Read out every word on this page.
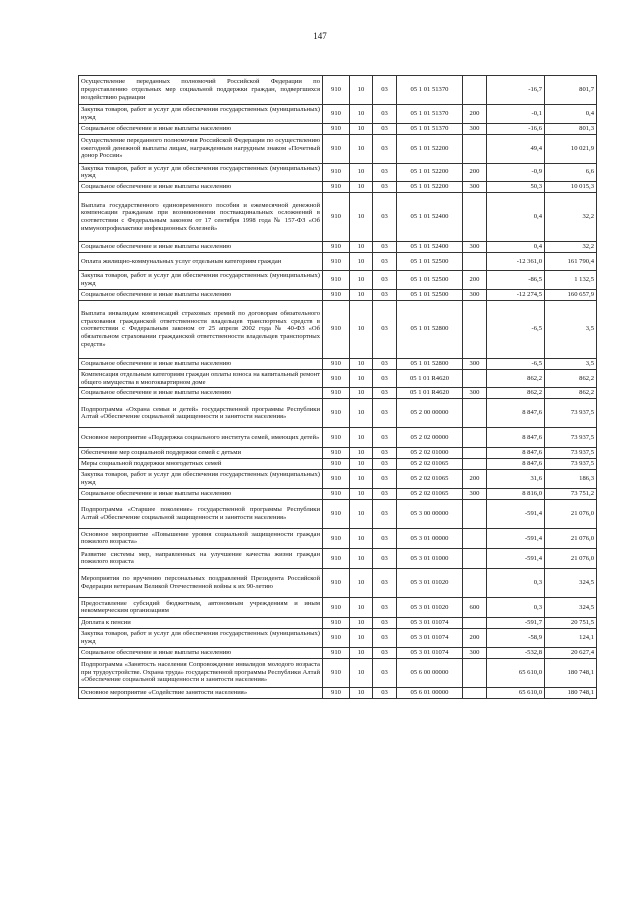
147
Осуществление переданных полномочий Российской Федерации по предоставлению отдельных мер социальной поддержки граждан, подвергшихся воздействию радиации	910	10	03	05 1 01 51370		-16,7	801,7
Закупка товаров, работ и услуг для обеспечения государственных (муниципальных) нужд	910	10	03	05 1 01 51370	200	-0,1	0,4
Социальное обеспечение и иные выплаты населению	910	10	03	05 1 01 51370	300	-16,6	801,3
Осуществление переданного полномочия Российской Федерации по осуществлению ежегодной денежной выплаты лицам, награжденным нагрудным знаком «Почетный донор России»	910	10	03	05 1 01 52200		49,4	10 021,9
Закупка товаров, работ и услуг для обеспечения государственных (муниципальных) нужд	910	10	03	05 1 01 52200	200	-0,9	6,6
Социальное обеспечение и иные выплаты населению	910	10	03	05 1 01 52200	300	50,3	10 015,3
Выплата государственного единовременного пособия и ежемесячной денежной компенсации гражданам при возникновении поствакцинальных осложнений в соответствии с Федеральным законом от 17 сентября 1998 года № 157-ФЗ «Об иммунопрофилактике инфекционных болезней»	910	10	03	05 1 01 52400		0,4	32,2
Социальное обеспечение и иные выплаты населению	910	10	03	05 1 01 52400	300	0,4	32,2
Оплата жилищно-коммунальных услуг отдельным категориям граждан	910	10	03	05 1 01 52500		-12 361,0	161 790,4
Закупка товаров, работ и услуг для обеспечения государственных (муниципальных) нужд	910	10	03	05 1 01 52500	200	-86,5	1 132,5
Социальное обеспечение и иные выплаты населению	910	10	03	05 1 01 52500	300	-12 274,5	160 657,9
Выплата инвалидам компенсаций страховых премий по договорам обязательного страхования гражданской ответственности владельцев транспортных средств в соответствии с Федеральным законом от 25 апреля 2002 года № 40-ФЗ «Об обязательном страховании гражданской ответственности владельцев транспортных средств»	910	10	03	05 1 01 52800		-6,5	3,5
Социальное обеспечение и иные выплаты населению	910	10	03	05 1 01 52800	300	-6,5	3,5
Компенсация отдельным категориям граждан оплаты взноса на капитальный ремонт общего имущества в многоквартирном доме	910	10	03	05 1 01 R4620		862,2	862,2
Социальное обеспечение и иные выплаты населению	910	10	03	05 1 01 R4620	300	862,2	862,2
Подпрограмма «Охрана семьи и детей» государственной программы Республики Алтай «Обеспечение социальной защищенности и занятости населения»	910	10	03	05 2 00 00000		8 847,6	73 937,5
Основное мероприятие «Поддержка социального института семей, имеющих детей»	910	10	03	05 2 02 00000		8 847,6	73 937,5
Обеспечение мер социальной поддержки семей с детьми	910	10	03	05 2 02 01000		8 847,6	73 937,5
Меры социальной поддержки многодетных семей	910	10	03	05 2 02 01065		8 847,6	73 937,5
Закупка товаров, работ и услуг для обеспечения государственных (муниципальных) нужд	910	10	03	05 2 02 01065	200	31,6	186,3
Социальное обеспечение и иные выплаты населению	910	10	03	05 2 02 01065	300	8 816,0	73 751,2
Подпрограмма «Старшее поколение» государственной программы Республики Алтай «Обеспечение социальной защищенности и занятости населения»	910	10	03	05 3 00 00000		-591,4	21 076,0
Основное мероприятие «Повышение уровня социальной защищенности граждан пожилого возраста»	910	10	03	05 3 01 00000		-591,4	21 076,0
Развитие системы мер, направленных на улучшение качества жизни граждан пожилого возраста	910	10	03	05 3 01 01000		-591,4	21 076,0
Мероприятия по вручению персональных поздравлений Президента Российской Федерации ветеранам Великой Отечественной войны к их 90-летию	910	10	03	05 3 01 01020		0,3	324,5
Предоставление субсидий бюджетным, автономным учреждениям и иным некоммерческим организациям	910	10	03	05 3 01 01020	600	0,3	324,5
Доплата к пенсии	910	10	03	05 3 01 01074		-591,7	20 751,5
Закупка товаров, работ и услуг для обеспечения государственных (муниципальных) нужд	910	10	03	05 3 01 01074	200	-58,9	124,1
Социальное обеспечение и иные выплаты населению	910	10	03	05 3 01 01074	300	-532,8	20 627,4
Подпрограмма «Занятость населения Сопровождение инвалидов молодого возраста при трудоустройстве. Охрана труда» государственной программы Республики Алтай «Обеспечение социальной защищенности и занятости населения»	910	10	03	05 6 00 00000		65 610,0	180 748,1
Основное мероприятие «Содействие занятости населения»	910	10	03	05 6 01 00000		65 610,0	180 748,1
